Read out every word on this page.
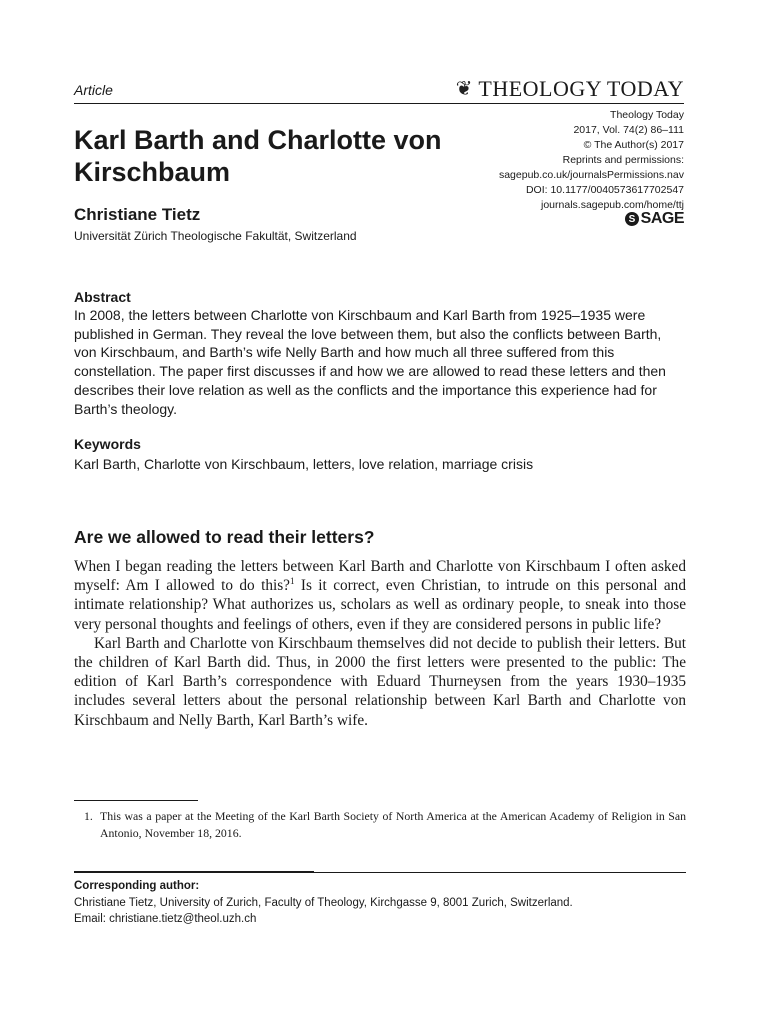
Article	❦ THEOLOGY TODAY
Theology Today
2017, Vol. 74(2) 86–111
© The Author(s) 2017
Reprints and permissions:
sagepub.co.uk/journalsPermissions.nav
DOI: 10.1177/0040573617702547
journals.sagepub.com/home/ttj
S SAGE
Karl Barth and Charlotte von Kirschbaum
Christiane Tietz
Universität Zürich Theologische Fakultät, Switzerland
Abstract
In 2008, the letters between Charlotte von Kirschbaum and Karl Barth from 1925–1935 were published in German. They reveal the love between them, but also the conflicts between Barth, von Kirschbaum, and Barth’s wife Nelly Barth and how much all three suffered from this constellation. The paper first discusses if and how we are allowed to read these letters and then describes their love relation as well as the conflicts and the importance this experience had for Barth’s theology.
Keywords
Karl Barth, Charlotte von Kirschbaum, letters, love relation, marriage crisis
Are we allowed to read their letters?

When I began reading the letters between Karl Barth and Charlotte von Kirschbaum I often asked myself: Am I allowed to do this?$^1$ Is it correct, even Christian, to intrude on this personal and intimate relationship? What authorizes us, scholars as well as ordinary people, to sneak into those very personal thoughts and feelings of others, even if they are considered persons in public life?

Karl Barth and Charlotte von Kirschbaum themselves did not decide to publish their letters. But the children of Karl Barth did. Thus, in 2000 the first letters were presented to the public: The edition of Karl Barth’s correspondence with Eduard Thurneysen from the years 1930–1935 includes several letters about the personal relationship between Karl Barth and Charlotte von Kirschbaum and Nelly Barth, Karl Barth’s wife.

1. This was a paper at the Meeting of the Karl Barth Society of North America at the American Academy of Religion in San Antonio, November 18, 2016.
Corresponding author:
Christiane Tietz, University of Zurich, Faculty of Theology, Kirchgasse 9, 8001 Zurich, Switzerland.
Email: christiane.tietz@theol.uzh.ch
